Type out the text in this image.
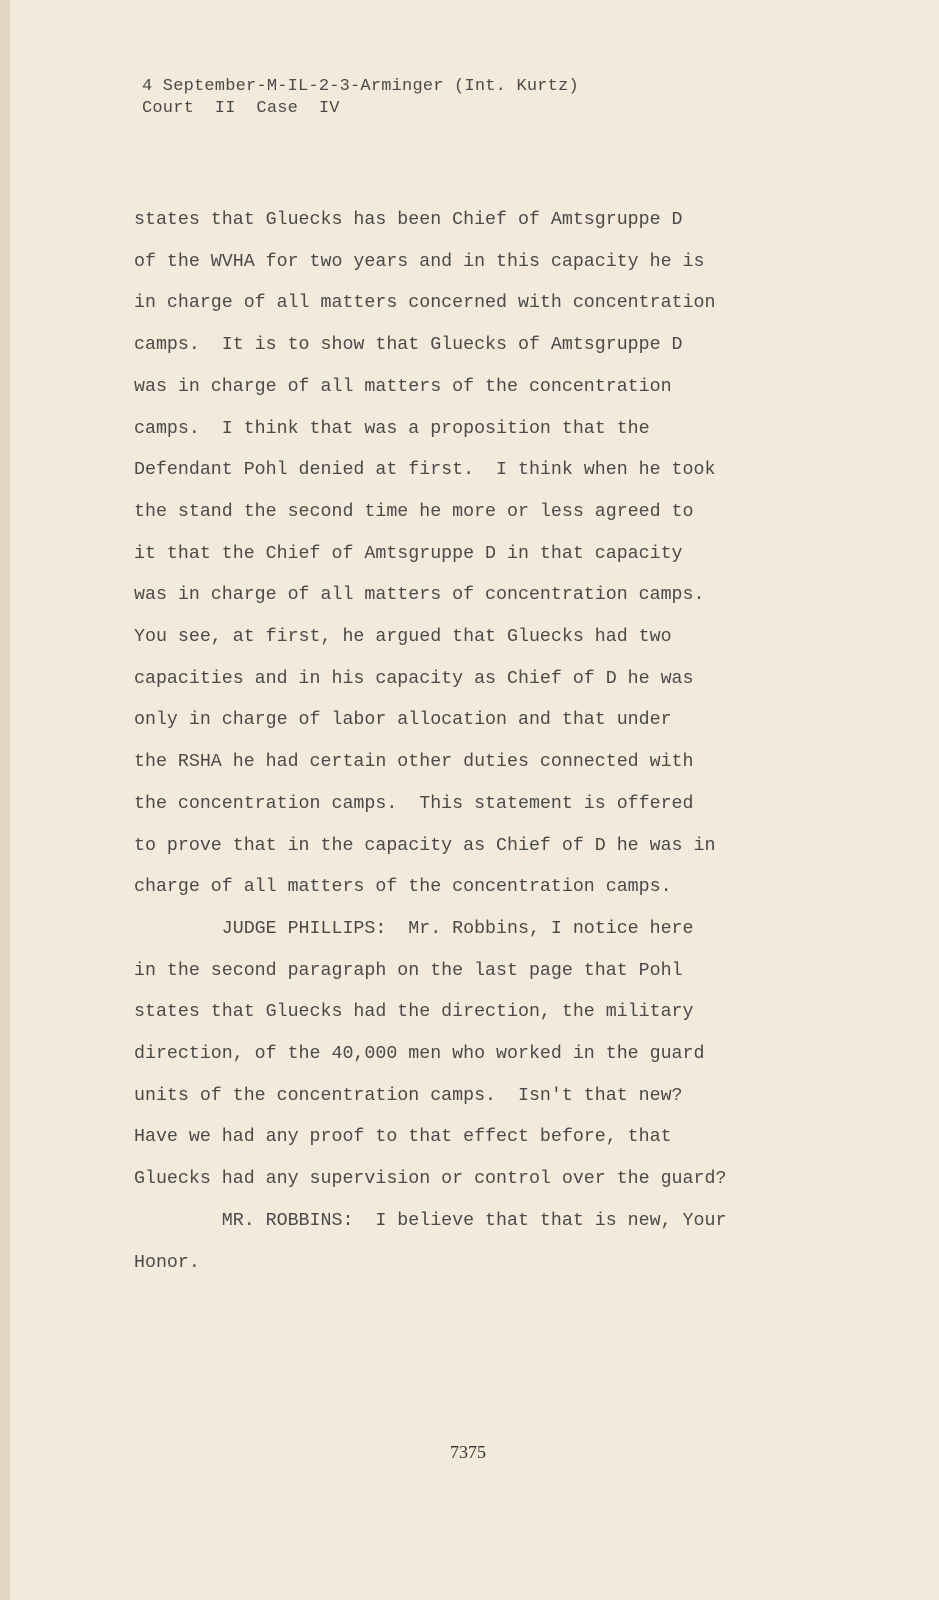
4 September-M-IL-2-3-Arminger (Int. Kurtz)
Court  II  Case  IV
states that Gluecks has been Chief of Amtsgruppe D
of the WVHA for two years and in this capacity he is
in charge of all matters concerned with concentration
camps.  It is to show that Gluecks of Amtsgruppe D
was in charge of all matters of the concentration
camps.  I think that was a proposition that the
Defendant Pohl denied at first.  I think when he took
the stand the second time he more or less agreed to
it that the Chief of Amtsgruppe D in that capacity
was in charge of all matters of concentration camps.
You see, at first, he argued that Gluecks had two
capacities and in his capacity as Chief of D he was
only in charge of labor allocation and that under
the RSHA he had certain other duties connected with
the concentration camps.  This statement is offered
to prove that in the capacity as Chief of D he was in
charge of all matters of the concentration camps.
JUDGE PHILLIPS:  Mr. Robbins, I notice here
in the second paragraph on the last page that Pohl
states that Gluecks had the direction, the military
direction, of the 40,000 men who worked in the guard
units of the concentration camps.  Isn't that new?
Have we had any proof to that effect before, that
Gluecks had any supervision or control over the guard?
MR. ROBBINS:  I believe that that is new, Your
Honor.
7375
